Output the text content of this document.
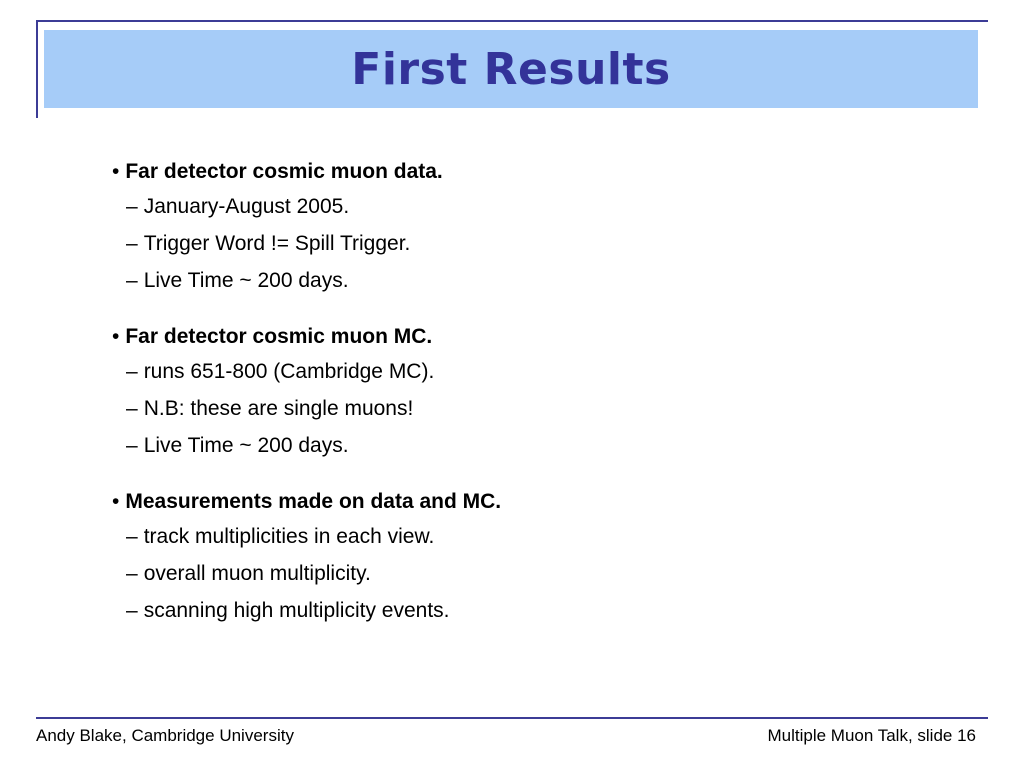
First Results
• Far detector cosmic muon data.
– January-August 2005.
– Trigger Word != Spill Trigger.
– Live Time ~ 200 days.
• Far detector cosmic muon MC.
– runs 651-800 (Cambridge MC).
– N.B: these are single muons!
– Live Time ~ 200 days.
• Measurements made on data and MC.
– track multiplicities in each view.
– overall muon multiplicity.
– scanning high multiplicity events.
Andy Blake, Cambridge University	Multiple Muon Talk, slide 16
